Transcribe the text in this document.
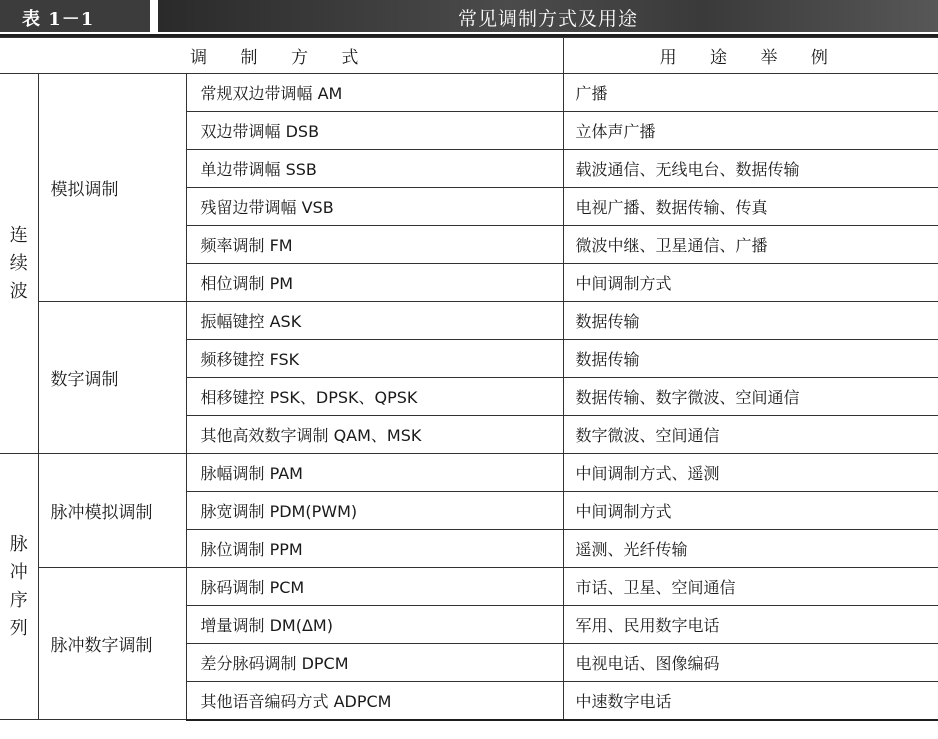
表 1－1	常见调制方式及用途
调 制 方 式			用 途 举 例

连
续
波	模拟调制	常规双边带调幅 AM	广播
		双边带调幅 DSB	立体声广播
		单边带调幅 SSB	载波通信、无线电台、数据传输
		残留边带调幅 VSB	电视广播、数据传输、传真
		频率调制 FM	微波中继、卫星通信、广播
		相位调制 PM	中间调制方式
	数字调制	振幅键控 ASK	数据传输
		频移键控 FSK	数据传输
		相移键控 PSK、DPSK、QPSK	数据传输、数字微波、空间通信
		其他高效数字调制 QAM、MSK	数字微波、空间通信

脉
冲
序
列	脉冲模拟调制	脉幅调制 PAM	中间调制方式、遥测
		脉宽调制 PDM(PWM)	中间调制方式
		脉位调制 PPM	遥测、光纤传输
	脉冲数字调制	脉码调制 PCM	市话、卫星、空间通信
		增量调制 DM(ΔM)	军用、民用数字电话
		差分脉码调制 DPCM	电视电话、图像编码
		其他语音编码方式 ADPCM	中速数字电话
